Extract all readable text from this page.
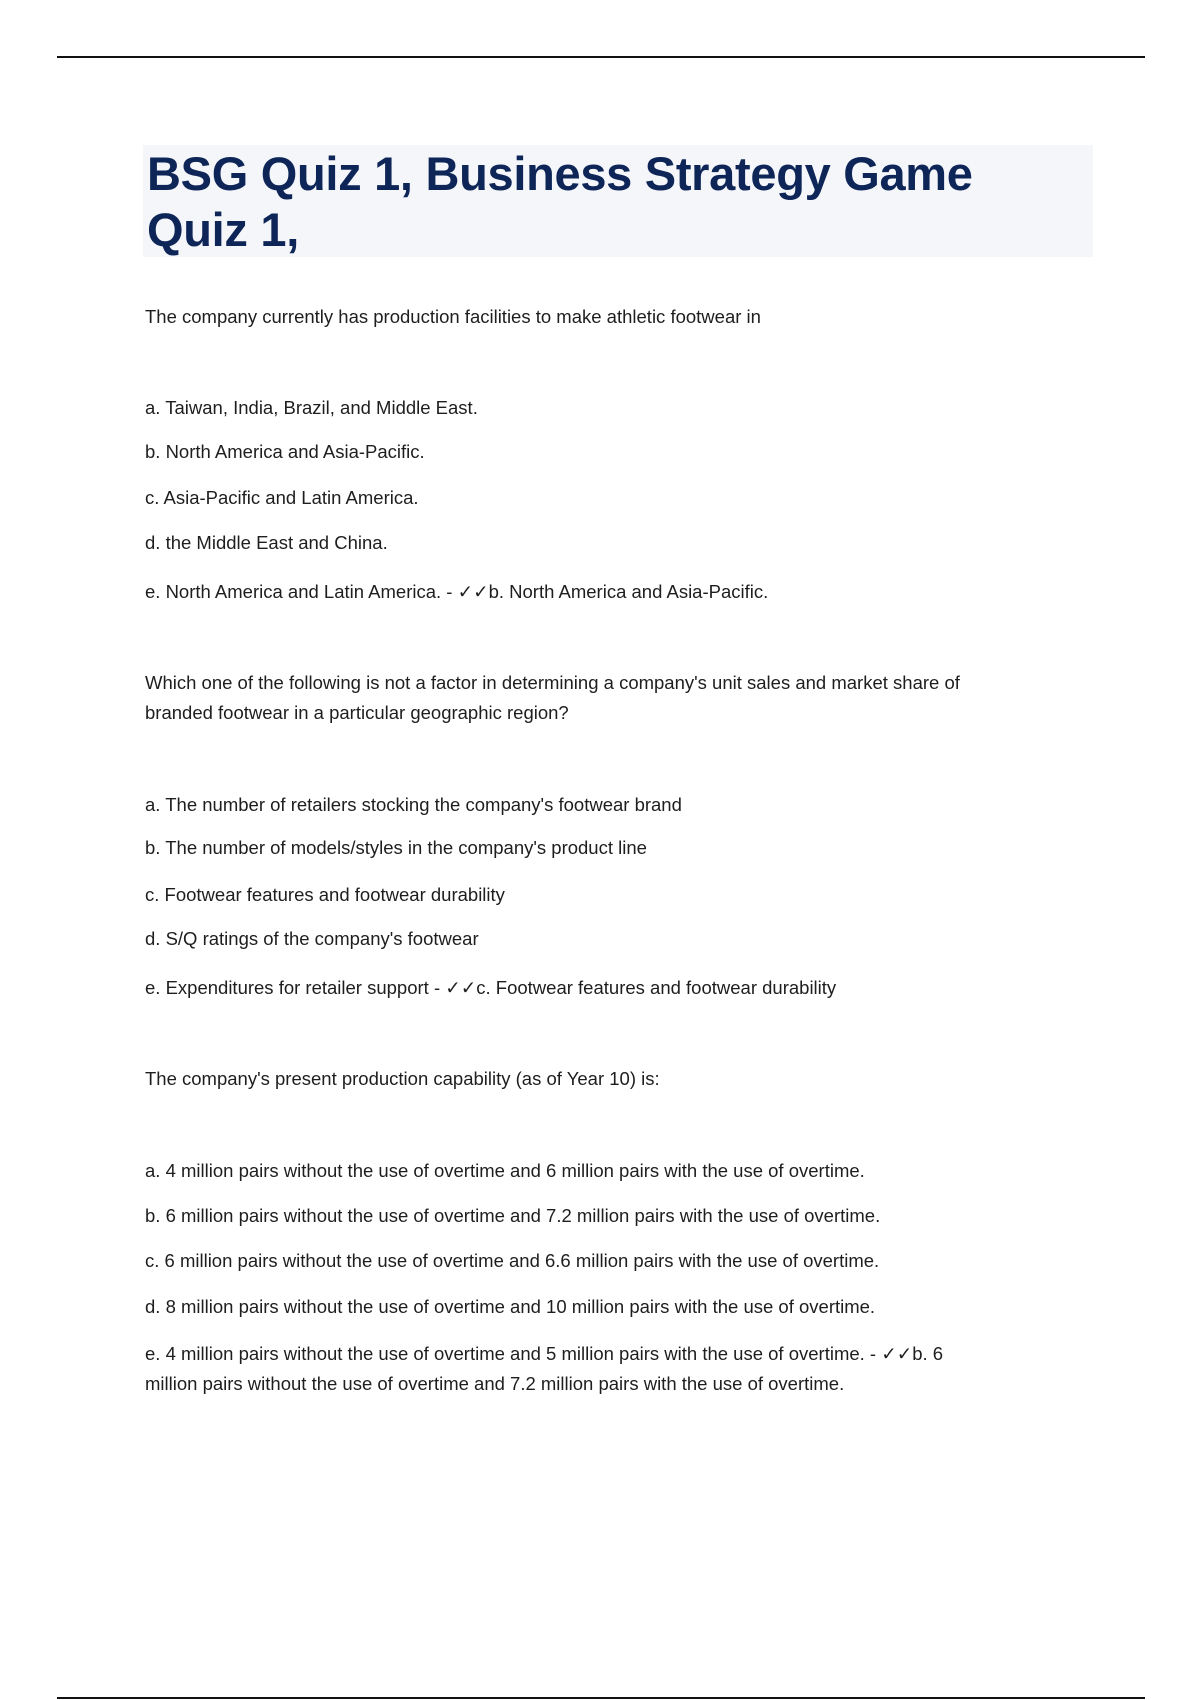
BSG Quiz 1, Business Strategy Game Quiz 1,
The company currently has production facilities to make athletic footwear in
a. Taiwan, India, Brazil, and Middle East.
b. North America and Asia-Pacific.
c. Asia-Pacific and Latin America.
d. the Middle East and China.
e. North America and Latin America. - ✓✓b. North America and Asia-Pacific.
Which one of the following is not a factor in determining a company's unit sales and market share of
branded footwear in a particular geographic region?
a. The number of retailers stocking the company's footwear brand
b. The number of models/styles in the company's product line
c. Footwear features and footwear durability
d. S/Q ratings of the company's footwear
e. Expenditures for retailer support - ✓✓c. Footwear features and footwear durability
The company's present production capability (as of Year 10) is:
a. 4 million pairs without the use of overtime and 6 million pairs with the use of overtime.
b. 6 million pairs without the use of overtime and 7.2 million pairs with the use of overtime.
c. 6 million pairs without the use of overtime and 6.6 million pairs with the use of overtime.
d. 8 million pairs without the use of overtime and 10 million pairs with the use of overtime.
e. 4 million pairs without the use of overtime and 5 million pairs with the use of overtime. - ✓✓b. 6
million pairs without the use of overtime and 7.2 million pairs with the use of overtime.
